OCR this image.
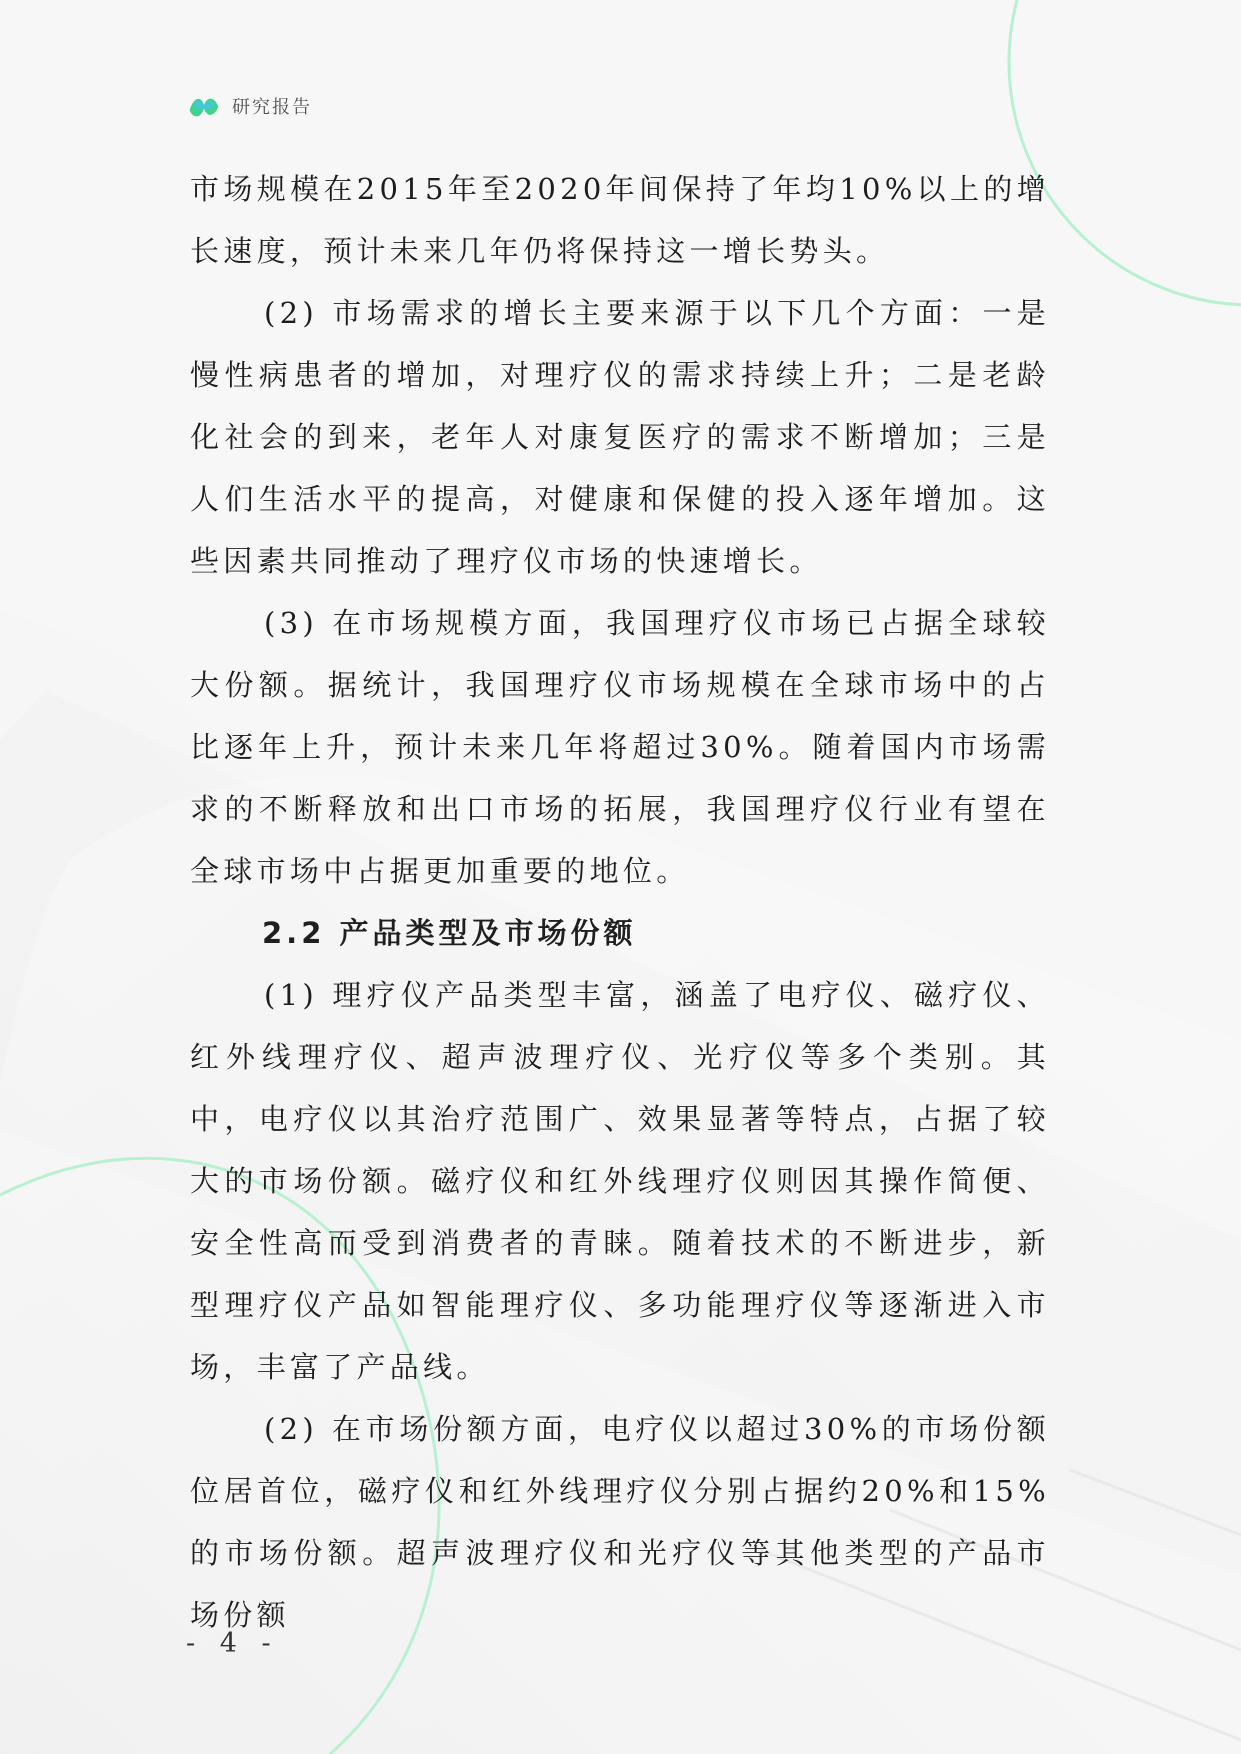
研究报告

市场规模在2015年至2020年间保持了年均10%以上的增长速度，预计未来几年仍将保持这一增长势头。

(2) 市场需求的增长主要来源于以下几个方面：一是慢性病患者的增加，对理疗仪的需求持续上升；二是老龄化社会的到来，老年人对康复医疗的需求不断增加；三是人们生活水平的提高，对健康和保健的投入逐年增加。这些因素共同推动了理疗仪市场的快速增长。

(3) 在市场规模方面，我国理疗仪市场已占据全球较大份额。据统计，我国理疗仪市场规模在全球市场中的占比逐年上升，预计未来几年将超过30%。随着国内市场需求的不断释放和出口市场的拓展，我国理疗仪行业有望在全球市场中占据更加重要的地位。

2.2 产品类型及市场份额

(1) 理疗仪产品类型丰富，涵盖了电疗仪、磁疗仪、红外线理疗仪、超声波理疗仪、光疗仪等多个类别。其中，电疗仪以其治疗范围广、效果显著等特点，占据了较大的市场份额。磁疗仪和红外线理疗仪则因其操作简便、安全性高而受到消费者的青睐。随着技术的不断进步，新型理疗仪产品如智能理疗仪、多功能理疗仪等逐渐进入市场，丰富了产品线。

(2) 在市场份额方面，电疗仪以超过30%的市场份额位居首位，磁疗仪和红外线理疗仪分别占据约20%和15%的市场份额。超声波理疗仪和光疗仪等其他类型的产品市场份额

- 4 -
